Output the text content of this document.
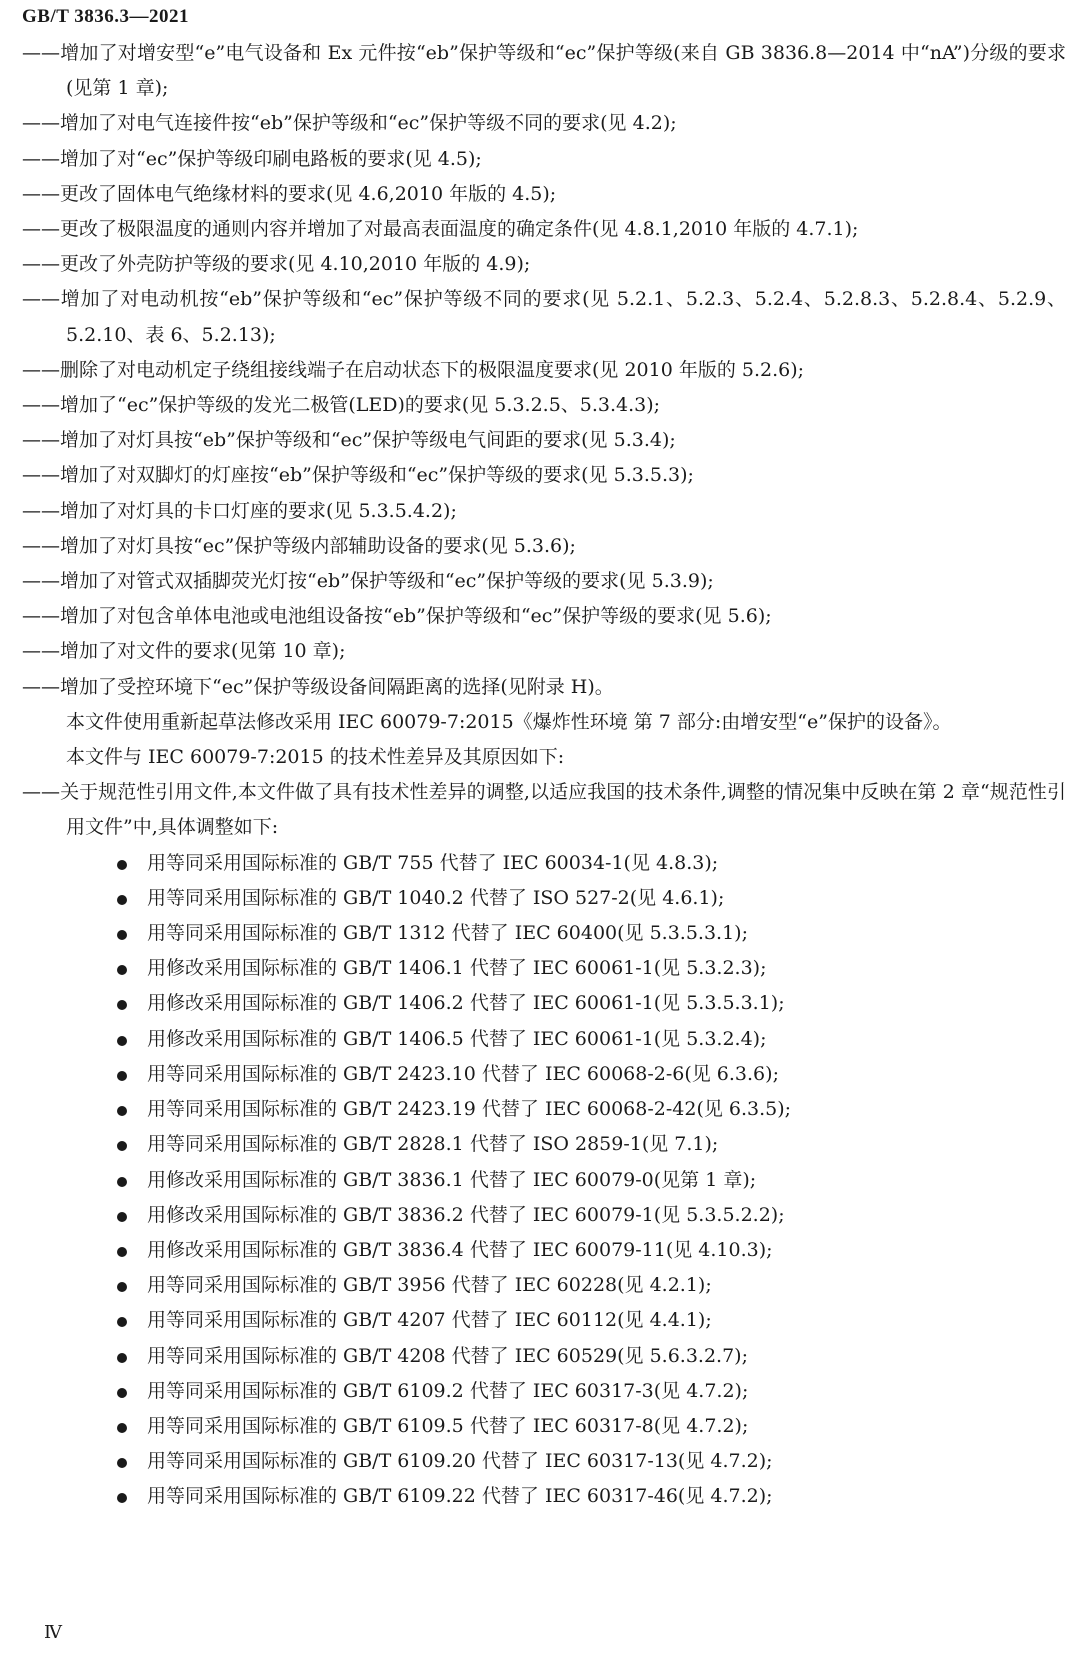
GB/T 3836.3—2021

——增加了对增安型“e”电气设备和 Ex 元件按“eb”保护等级和“ec”保护等级(来自 GB 3836.8—2014 中“nA”)分级的要求(见第 1 章);

——增加了对电气连接件按“eb”保护等级和“ec”保护等级不同的要求(见 4.2);

——增加了对“ec”保护等级印刷电路板的要求(见 4.5);

——更改了固体电气绝缘材料的要求(见 4.6,2010 年版的 4.5);

——更改了极限温度的通则内容并增加了对最高表面温度的确定条件(见 4.8.1,2010 年版的 4.7.1);

——更改了外壳防护等级的要求(见 4.10,2010 年版的 4.9);

——增加了对电动机按“eb”保护等级和“ec”保护等级不同的要求(见 5.2.1、5.2.3、5.2.4、5.2.8.3、5.2.8.4、5.2.9、5.2.10、表 6、5.2.13);

——删除了对电动机定子绕组接线端子在启动状态下的极限温度要求(见 2010 年版的 5.2.6);

——增加了“ec”保护等级的发光二极管(LED)的要求(见 5.3.2.5、5.3.4.3);

——增加了对灯具按“eb”保护等级和“ec”保护等级电气间距的要求(见 5.3.4);

——增加了对双脚灯的灯座按“eb”保护等级和“ec”保护等级的要求(见 5.3.5.3);

——增加了对灯具的卡口灯座的要求(见 5.3.5.4.2);

——增加了对灯具按“ec”保护等级内部辅助设备的要求(见 5.3.6);

——增加了对管式双插脚荧光灯按“eb”保护等级和“ec”保护等级的要求(见 5.3.9);

——增加了对包含单体电池或电池组设备按“eb”保护等级和“ec”保护等级的要求(见 5.6);

——增加了对文件的要求(见第 10 章);

——增加了受控环境下“ec”保护等级设备间隔距离的选择(见附录 H)。

本文件使用重新起草法修改采用 IEC 60079-7:2015《爆炸性环境 第 7 部分:由增安型“e”保护的设备》。

本文件与 IEC 60079-7:2015 的技术性差异及其原因如下:

——关于规范性引用文件,本文件做了具有技术性差异的调整,以适应我国的技术条件,调整的情况集中反映在第 2 章“规范性引用文件”中,具体调整如下:

用等同采用国际标准的 GB/T 755 代替了 IEC 60034-1(见 4.8.3);
用等同采用国际标准的 GB/T 1040.2 代替了 ISO 527-2(见 4.6.1);
用等同采用国际标准的 GB/T 1312 代替了 IEC 60400(见 5.3.5.3.1);
用修改采用国际标准的 GB/T 1406.1 代替了 IEC 60061-1(见 5.3.2.3);
用修改采用国际标准的 GB/T 1406.2 代替了 IEC 60061-1(见 5.3.5.3.1);
用修改采用国际标准的 GB/T 1406.5 代替了 IEC 60061-1(见 5.3.2.4);
用等同采用国际标准的 GB/T 2423.10 代替了 IEC 60068-2-6(见 6.3.6);
用等同采用国际标准的 GB/T 2423.19 代替了 IEC 60068-2-42(见 6.3.5);
用等同采用国际标准的 GB/T 2828.1 代替了 ISO 2859-1(见 7.1);
用修改采用国际标准的 GB/T 3836.1 代替了 IEC 60079-0(见第 1 章);
用修改采用国际标准的 GB/T 3836.2 代替了 IEC 60079-1(见 5.3.5.2.2);
用修改采用国际标准的 GB/T 3836.4 代替了 IEC 60079-11(见 4.10.3);
用等同采用国际标准的 GB/T 3956 代替了 IEC 60228(见 4.2.1);
用等同采用国际标准的 GB/T 4207 代替了 IEC 60112(见 4.4.1);
用等同采用国际标准的 GB/T 4208 代替了 IEC 60529(见 5.6.3.2.7);
用等同采用国际标准的 GB/T 6109.2 代替了 IEC 60317-3(见 4.7.2);
用等同采用国际标准的 GB/T 6109.5 代替了 IEC 60317-8(见 4.7.2);
用等同采用国际标准的 GB/T 6109.20 代替了 IEC 60317-13(见 4.7.2);
用等同采用国际标准的 GB/T 6109.22 代替了 IEC 60317-46(见 4.7.2);
Ⅳ
